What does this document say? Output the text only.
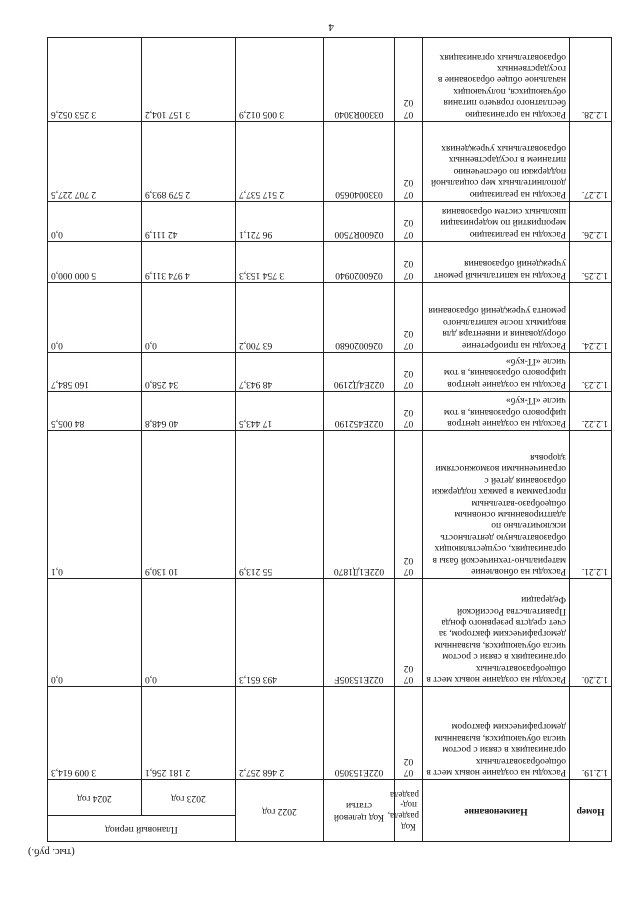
(тыс. руб.)
Номер	Наименование	Код раздела, под-раздела	Код целевой статьи	2022 год	Плановый период	
					2023 год	2024 год
1.2.19.	Расходы на создание новых мест в общеобразовательных организациях в связи с ростом числа обучающихся, вызванным демографическим фактором	07 02	022E153050	2 468 257,2	2 181 256,1	3 009 614,3
1.2.20.	Расходы на создание новых мест в общеобразовательных организациях в связи с ростом числа обучающихся, вызванным демографическим фактором, за счет средств резервного фонда Правительства Российской Федерации	07 02	022E15305F	493 651,3	0,0	0,0
1.2.21.	Расходы на обновление материально-технической базы в организациях, осуществляющих образовательную деятельность исключительно по адаптированным основным общеобразо-вательным программам в рамках поддержки образования детей с ограниченными возможностями здоровья	07 02	022E1Д1870	55 213,9	10 130,9	0,1
1.2.22.	Расходы на создание центров цифрового образования, в том числе «IT-куб»	07 02	022E452190	17 443,5	40 648,8	84 005,5
1.2.23.	Расходы на создание центров цифрового образования, в том числе «IT-куб»	07 02	022E4Д2190	48 943,7	34 258,0	160 584,7
1.2.24.	Расходы на приобретение оборудования и инвентаря для вводимых после капитального ремонта учреждений образования	07 02	0260020680	63 700,2	0,0	0,0
1.2.25.	Расходы на капитальный ремонт учреждений образования	07 02	0260020940	3 754 153,3	4 974 311,9	5 000 000,0
1.2.26.	Расходы на реализацию мероприятий по модернизации школьных систем образования	07 02	02600R7500	96 721,1	42 111,9	0,0
1.2.27.	Расходы на реализацию дополнительных мер социальной поддержки по обеспечению питанием в государственных образовательных учреждениях	07 02	0330040650	2 517 537,7	2 579 893,9	2 707 227,5
1.2.28.	Расходы на организацию бесплатного горячего питания обучающихся, получающих начальное общее образование в государственных образовательных организациях	07 02	03300R3040	3 005 012,9	3 157 104,2	3 253 052,6
4
